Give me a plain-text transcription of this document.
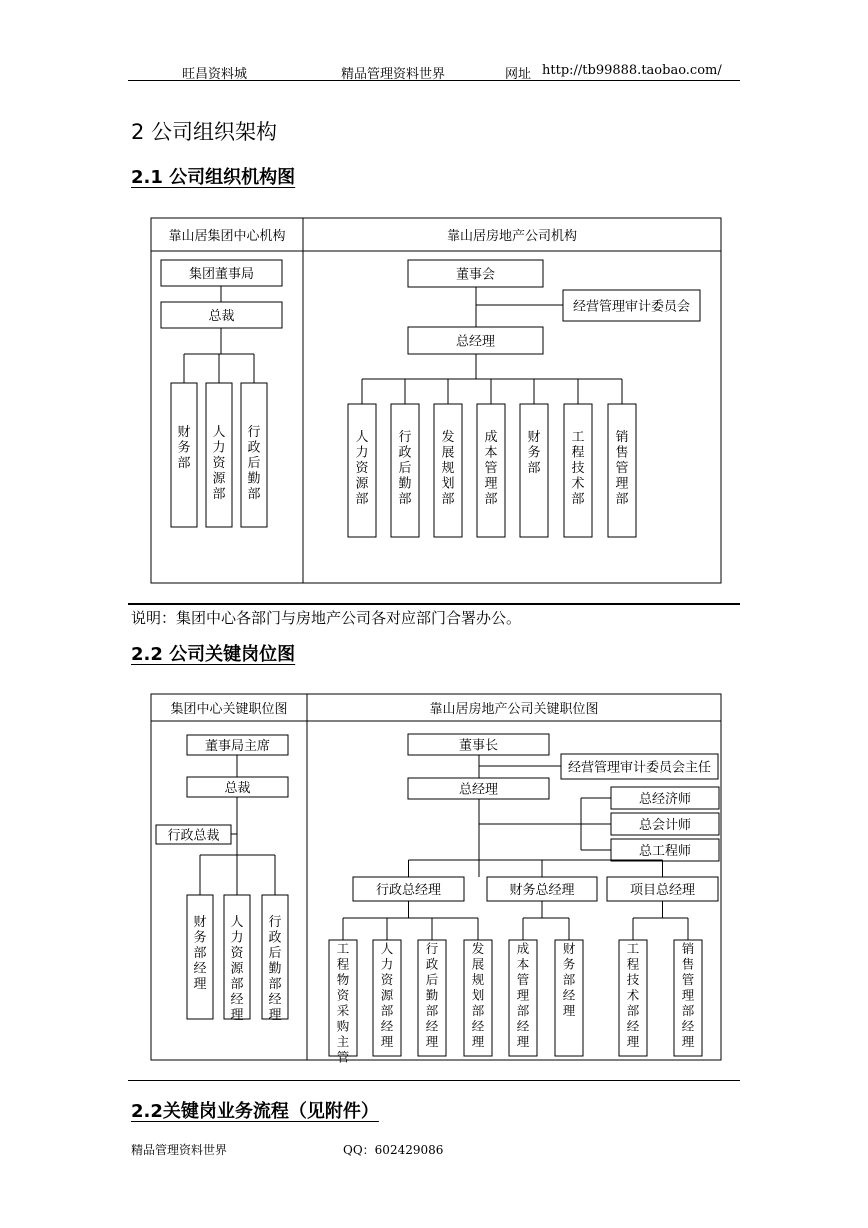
旺昌资料城	精品管理资料世界	网址 http://tb99888.taobao.com/
2 公司组织架构
2.1 公司组织机构图
靠山居集团中心机构	靠山居房地产公司机构
集团董事局
总裁
财务部
人力资源部
行政后勤部
董事会
经营管理审计委员会
总经理
人力资源部
行政后勤部
发展规划部
成本管理部
财务部
工程技术部
销售管理部
集团中心关键职位图	靠山居房地产公司关键职位图
董事局主席
总裁
行政总裁
财务部经理
人力资源部经理
行政后勤部经理
董事长
经营管理审计委员会主任
总经理
总经济师
总会计师
总工程师
行政总经理	财务总经理	项目总经理
工程物资采购主管
人力资源部经理
行政后勤部经理
发展规划部经理
成本管理部经理
财务部经理
工程技术部经理
销售管理部经理
说明：集团中心各部门与房地产公司各对应部门合署办公。
2.2 公司关键岗位图
2.2关键岗业务流程（见附件）
精品管理资料世界	QQ：602429086
